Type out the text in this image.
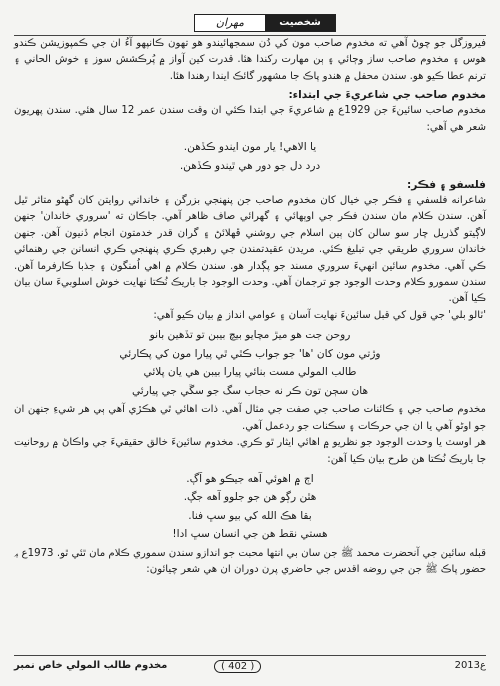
مهران	شخصيت

فيروزگل جو چوڻ آهي ته مخدوم صاحب مون کي دُن سمجهائيندو هو تهون ڪانپهو آءُ ان جي ڪمپوزيشن ڪندو هوس ۽ مخدوم صاحب ساز وڄائي ۽ ٻن مهارت رکندا هئا. قدرت کين آواز ۾ پُرڪشش سوز ۽ خوش الحاني ۽ ترنم عطا ڪيو هو. سندن محفل ۾ هندو پاڪ جا مشهور گائڪ ايندا رهندا هئا.

مخدوم صاحب جي شاعريءَ جي ابتداء:

مخدوم صاحب سائينءَ جن 1929ع ۾ شاعريءَ جي ابتدا ڪئي ان وقت سندن عمر 12 سال هئي. سندن پهريون شعر هي آهي:

يا الاهي! يار مون ايندو ڪڏهن.
درد دل جو دور هي ٿيندو ڪڏهن.

فلسفو ۽ فڪر:

شاعرانه فلسفي ۽ فڪر جي خيال کان مخدوم صاحب جن پنهنجي بزرگن ۽ خانداني روايتن کان گهڻو متاثر ٿيل آهن. سندن ڪلام مان سندن فڪر جي اوٻهائي ۽ گهرائي صاف ظاهر آهي. جاڪان ته 'سروري خاندان' جنهن لاڳيتو گذريل چار سو سالن کان ٻين اسلام جي روشني ڦهلائڻ ۽ گران قدر خدمتون انجام ڏنيون آهن. جنهن خاندان سروري طريقي جي تبليغ ڪئي. مريدن عقيدتمندن جي رهبري ڪري پنهنجي ڪري انسانن جي رهنمائي ڪي آهي. مخدوم سائين انهيءَ سروري مسند جو پڳدار هو. سندن ڪلام ۾ اهي اُمنگون ۽ جذبا ڪارفرما آهن. سندن سمورو ڪلام وحدت الوجود جو ترجمان آهي. وحدت الوجود جا باريڪ نُڪتا نهايت خوش اسلوبيءَ سان بيان ڪيا آهن.

'ٽالو بلي' جي قول کي قبل سائينءَ نهايت آسان ۽ عوامي انداز ۾ بيان ڪيو آهي:

روحن جت هو ميڙ مچايو بيچ بيبن تو تڏهين بانو
وڙتي مون کان 'ها' جو جواب ڪٿي ٿي پيارا مون کي پڪارئي
طالب المولي مست بنائي پيارا بيبن هي يان پلائي
هان سڄن تون ڪر نه حجاب سگ جو سڱي جي پيارئي

مخدوم صاحب جي ۽ ڪائنات صاحب جي صفت جي مثال آهي. ذات اهائي ٿي هڪڙي آهي ٻي هر شيءِ جنهن ان جو اوڻو آهي يا ان جي حرڪات ۽ سڪنات جو ردعمل آهي.

هر اوسٽ يا وحدت الوجود جو نظريو ۾ اهائي ايثار ٿو ڪري. مخدوم سائينءَ خالق حقيقيءَ جي واڪاڻ ۾ روحانيت جا باريڪ نُڪتا هن طرح بيان ڪيا آهن:

اڄ ۾ اهوئي آهه جيڪو هو اَڳ.
هٿن رڳو هن جو جلوو آهه جڳ.
بقا هڪ الله کي بيو سڀ فنا.
هستي نقط هن جي انسان سڀ ادا!

قبله سائين جي آنحضرت محمد ﷺ جن سان بي انتها محبت جو اندازو سندن سموري ڪلام مان ٿئي ٿو. 1973ع ۾ حضور پاڪ ﷺ جن جي روضه اقدس جي حاضري پرن دوران ان هي شعر چيائون:

مخدوم طالب المولي خاص نمبر	( 402 )	2013ع
